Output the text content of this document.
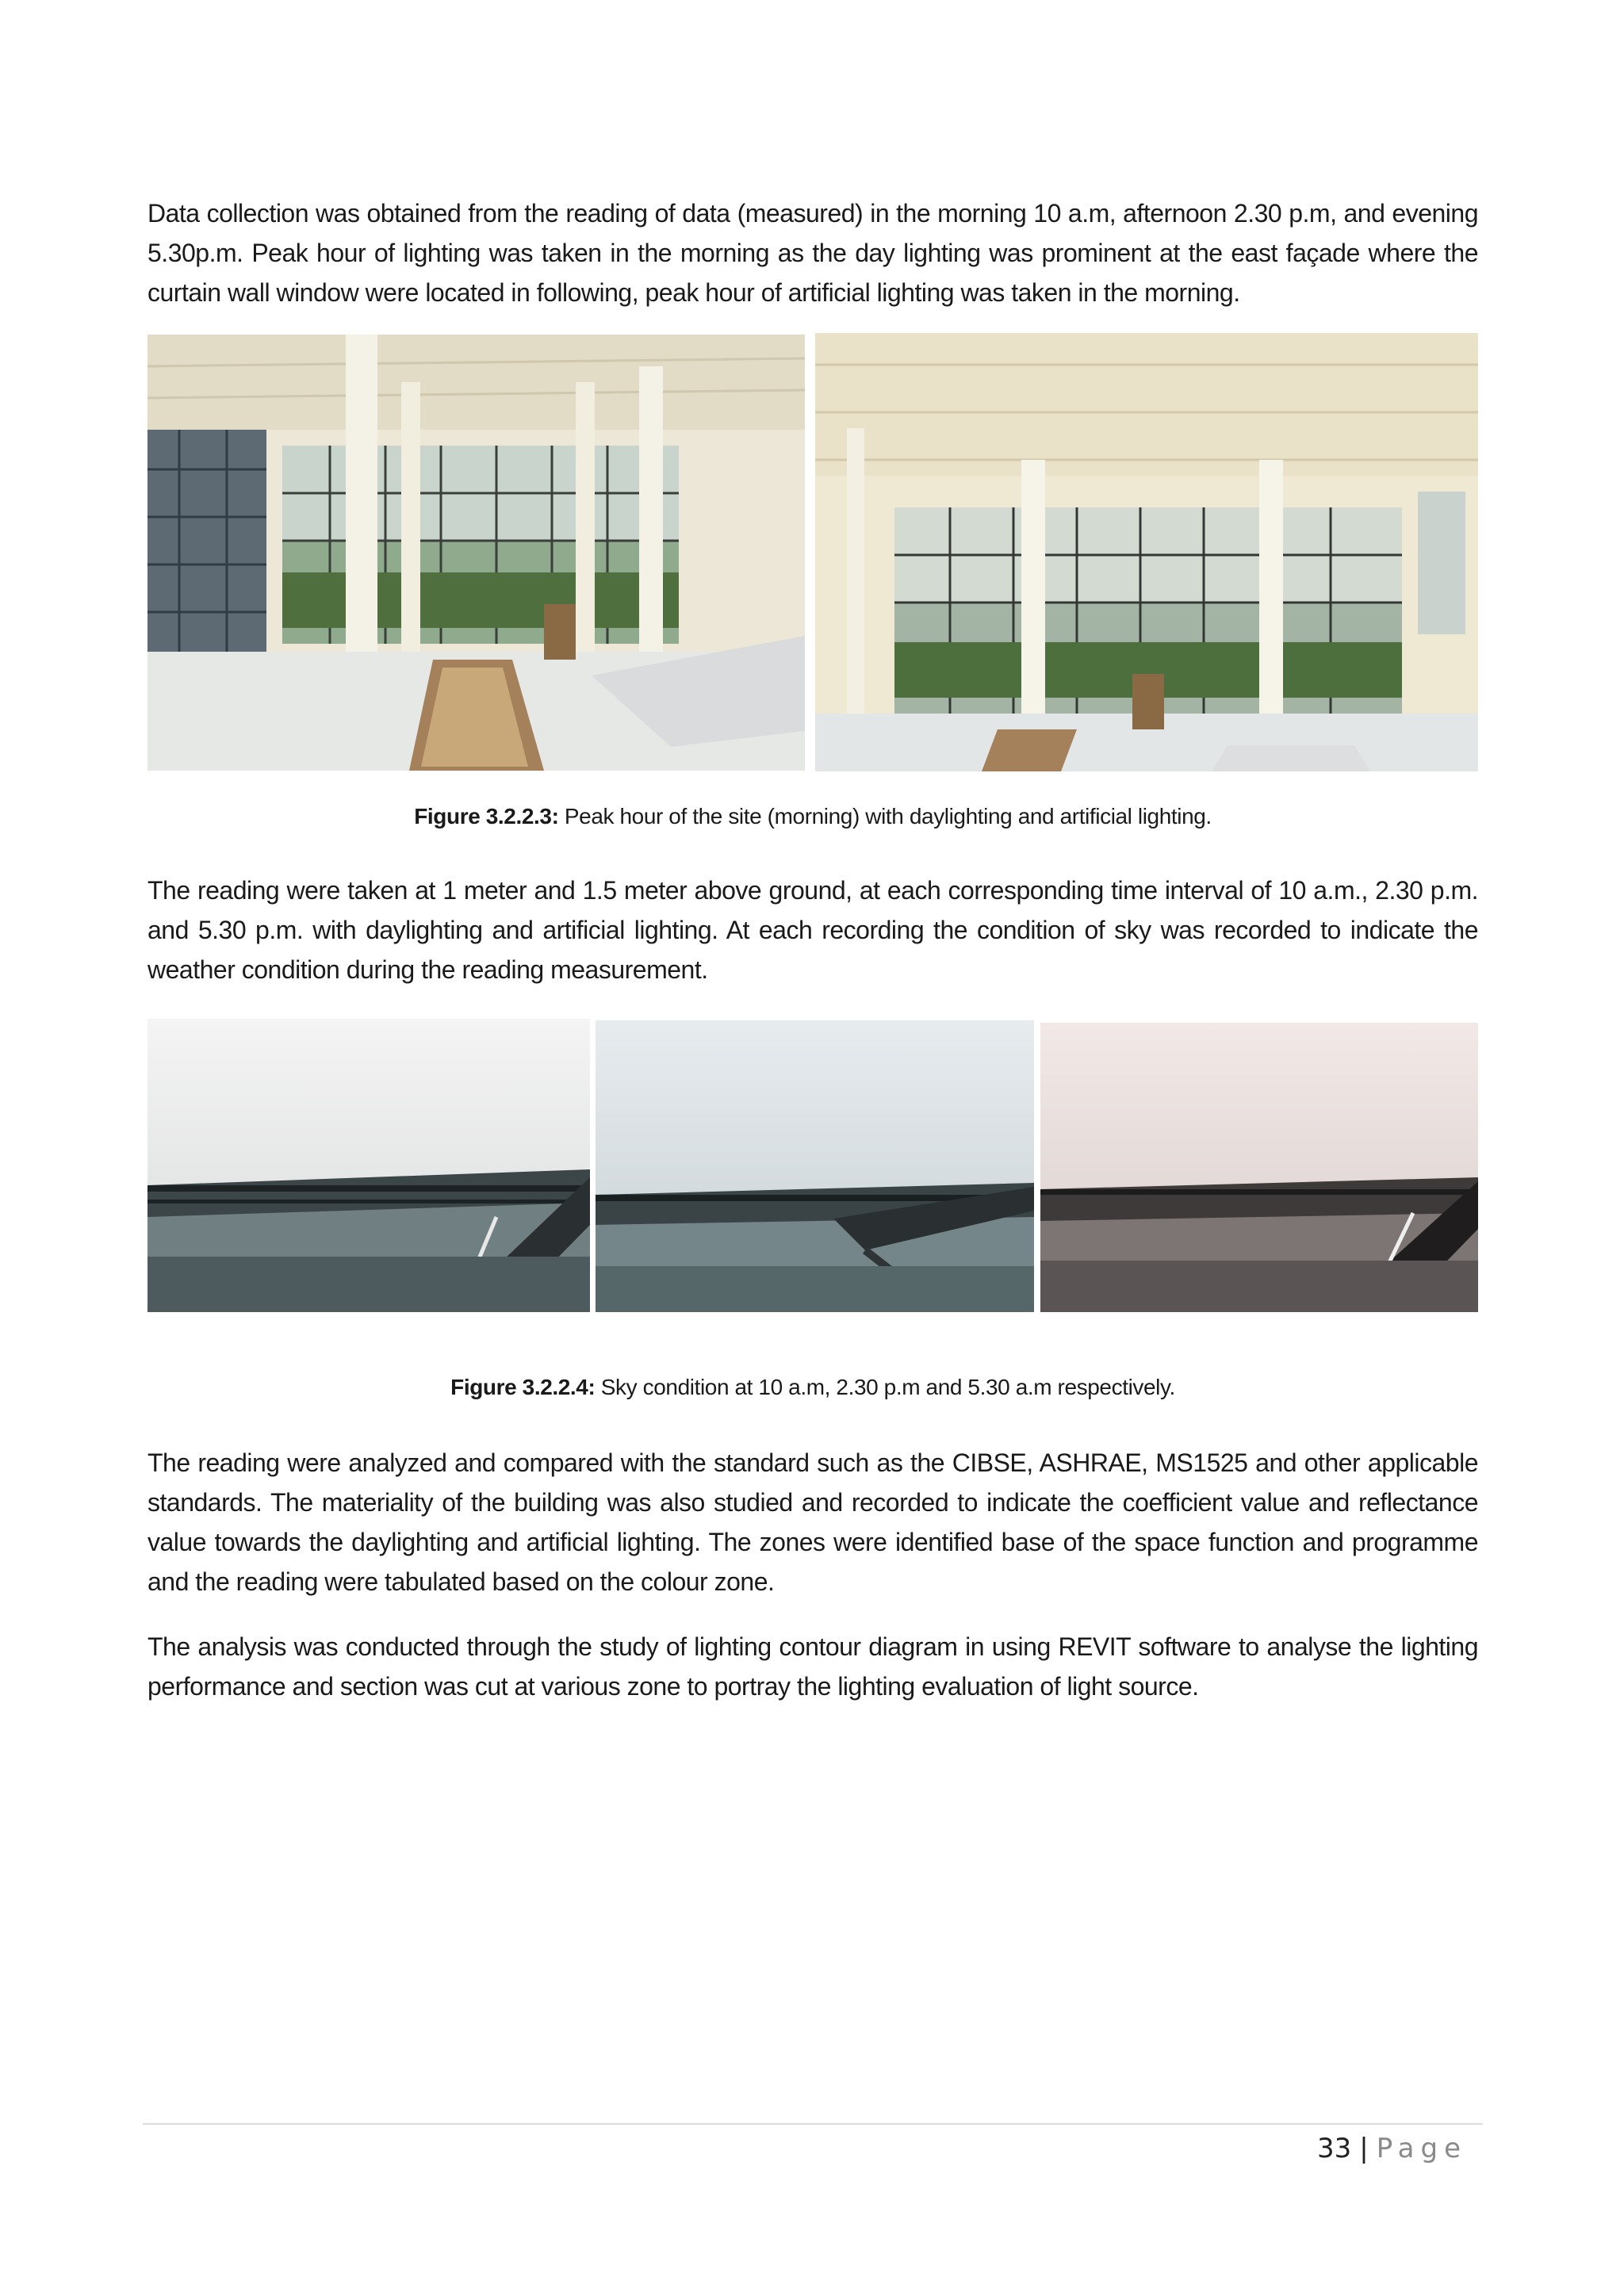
Data collection was obtained from the reading of data (measured) in the morning 10 a.m, afternoon 2.30 p.m, and evening 5.30p.m. Peak hour of lighting was taken in the morning as the day lighting was prominent at the east façade where the curtain wall window were located in following, peak hour of artificial lighting was taken in the morning.

Figure 3.2.2.3: Peak hour of the site (morning) with daylighting and artificial lighting.

The reading were taken at 1 meter and 1.5 meter above ground, at each corresponding time interval of 10 a.m., 2.30 p.m. and 5.30 p.m. with daylighting and artificial lighting. At each recording the condition of sky was recorded to indicate the weather condition during the reading measurement.

Figure 3.2.2.4: Sky condition at 10 a.m, 2.30 p.m and 5.30 a.m respectively.

The reading were analyzed and compared with the standard such as the CIBSE, ASHRAE, MS1525 and other applicable standards. The materiality of the building was also studied and recorded to indicate the coefficient value and reflectance value towards the daylighting and artificial lighting. The zones were identified base of the space function and programme and the reading were tabulated based on the colour zone.

The analysis was conducted through the study of lighting contour diagram in using REVIT software to analyse the lighting performance and section was cut at various zone to portray the lighting evaluation of light source.

33 | Page
